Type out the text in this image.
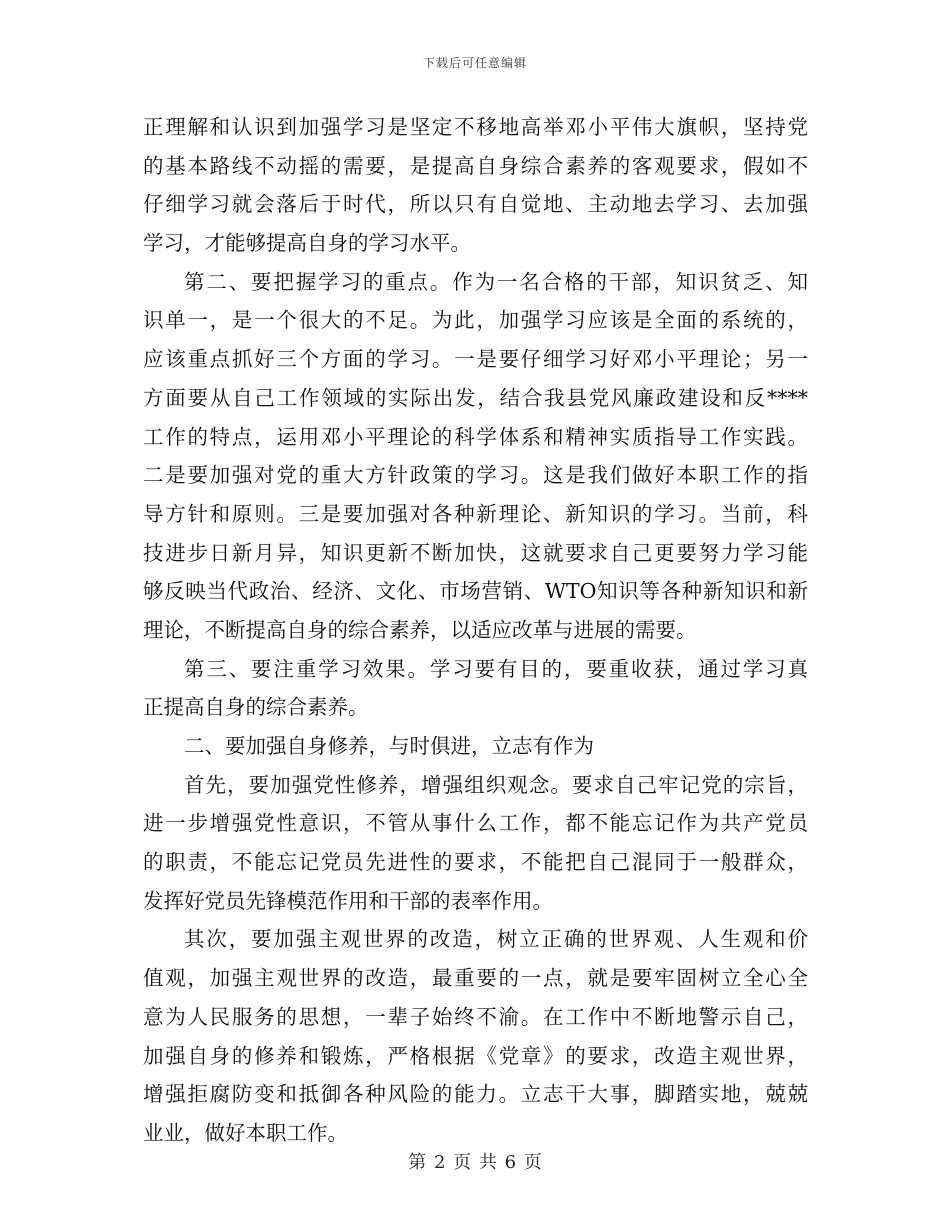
下载后可任意编辑
正理解和认识到加强学习是坚定不移地高举邓小平伟大旗帜，坚持党
的基本路线不动摇的需要，是提高自身综合素养的客观要求，假如不
仔细学习就会落后于时代，所以只有自觉地、主动地去学习、去加强
学习，才能够提高自身的学习水平。
第二、要把握学习的重点。作为一名合格的干部，知识贫乏、知
识单一，是一个很大的不足。为此，加强学习应该是全面的系统的，
应该重点抓好三个方面的学习。一是要仔细学习好邓小平理论；另一
方面要从自己工作领域的实际出发，结合我县党风廉政建设和反****
工作的特点，运用邓小平理论的科学体系和精神实质指导工作实践。
二是要加强对党的重大方针政策的学习。这是我们做好本职工作的指
导方针和原则。三是要加强对各种新理论、新知识的学习。当前，科
技进步日新月异，知识更新不断加快，这就要求自己更要努力学习能
够反映当代政治、经济、文化、市场营销、WTO知识等各种新知识和新
理论，不断提高自身的综合素养，以适应改革与进展的需要。
第三、要注重学习效果。学习要有目的，要重收获，通过学习真
正提高自身的综合素养。
二、要加强自身修养，与时俱进，立志有作为
首先，要加强党性修养，增强组织观念。要求自己牢记党的宗旨，
进一步增强党性意识，不管从事什么工作，都不能忘记作为共产党员
的职责，不能忘记党员先进性的要求，不能把自己混同于一般群众，
发挥好党员先锋模范作用和干部的表率作用。
其次，要加强主观世界的改造，树立正确的世界观、人生观和价
值观，加强主观世界的改造，最重要的一点，就是要牢固树立全心全
意为人民服务的思想，一辈子始终不渝。在工作中不断地警示自己，
加强自身的修养和锻炼，严格根据《党章》的要求，改造主观世界，
增强拒腐防变和抵御各种风险的能力。立志干大事，脚踏实地，兢兢
业业，做好本职工作。
第 2 页 共 6 页
